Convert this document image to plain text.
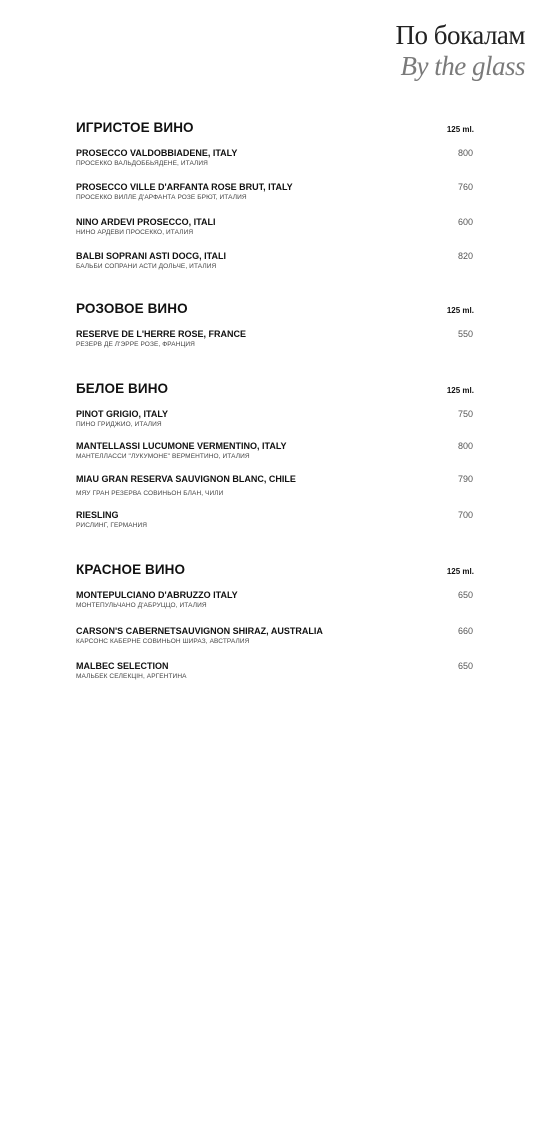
По бокалам
By the glass
ИГРИСТОЕ ВИНО	125 ml.
PROSECCO VALDOBBIADENE, ITALY
ПРОСЕККО ВАЛЬДОББЬЯДЕНЕ, ИТАЛИЯ
800
PROSECCO VILLE D'ARFANTA ROSE BRUT, ITALY
ПРОСЕККО ВИЛЛЕ Д'АРФАНТА РОЗЕ БРЮТ, ИТАЛИЯ
760
NINO ARDEVI PROSECCO, ITALI
НИНО АРДЕВИ ПРОСЕККО, ИТАЛИЯ
600
BALBI SOPRANI ASTI DOCG, ITALI
БАЛЬБИ СОПРАНИ АСТИ ДОЛЬЧЕ, ИТАЛИЯ
820
РОЗОВОЕ ВИНО	125 ml.
RESERVE DE L'HERRE ROSE, FRANCE
РЕЗЕРВ ДЕ Л'ЭРРЕ РОЗЕ, ФРАНЦИЯ
550
БЕЛОЕ ВИНО	125 ml.
PINOT GRIGIO, ITALY
ПИНО ГРИДЖИО, ИТАЛИЯ
750
MANTELLASSI LUCUMONE VERMENTINO, ITALY
МАНТЕЛЛАССИ "ЛУКУМОНЕ" ВЕРМЕНТИНО, ИТАЛИЯ
800
MIAU GRAN RESERVA SAUVIGNON BLANC, CHILE
МЯУ ГРАН РЕЗЕРВА СОВИНЬОН БЛАН, ЧИЛИ
790
RIESLING
РИСЛИНГ, ГЕРМАНИЯ
700
КРАСНОЕ ВИНО	125 ml.
MONTEPULCIANO D'ABRUZZO ITALY
МОНТЕПУЛЬЧАНО Д'АБРУЦЦО, ИТАЛИЯ
650
CARSON'S CABERNETSAUVIGNON SHIRAZ, AUSTRALIA
КАРСОНС КАБЕРНЕ СОВИНЬОН ШИРАЗ, АВСТРАЛИЯ
660
MALBEC SELECTION
МАЛЬБЕК СЕЛЕКЦІН, АРГЕНТИНА
650
